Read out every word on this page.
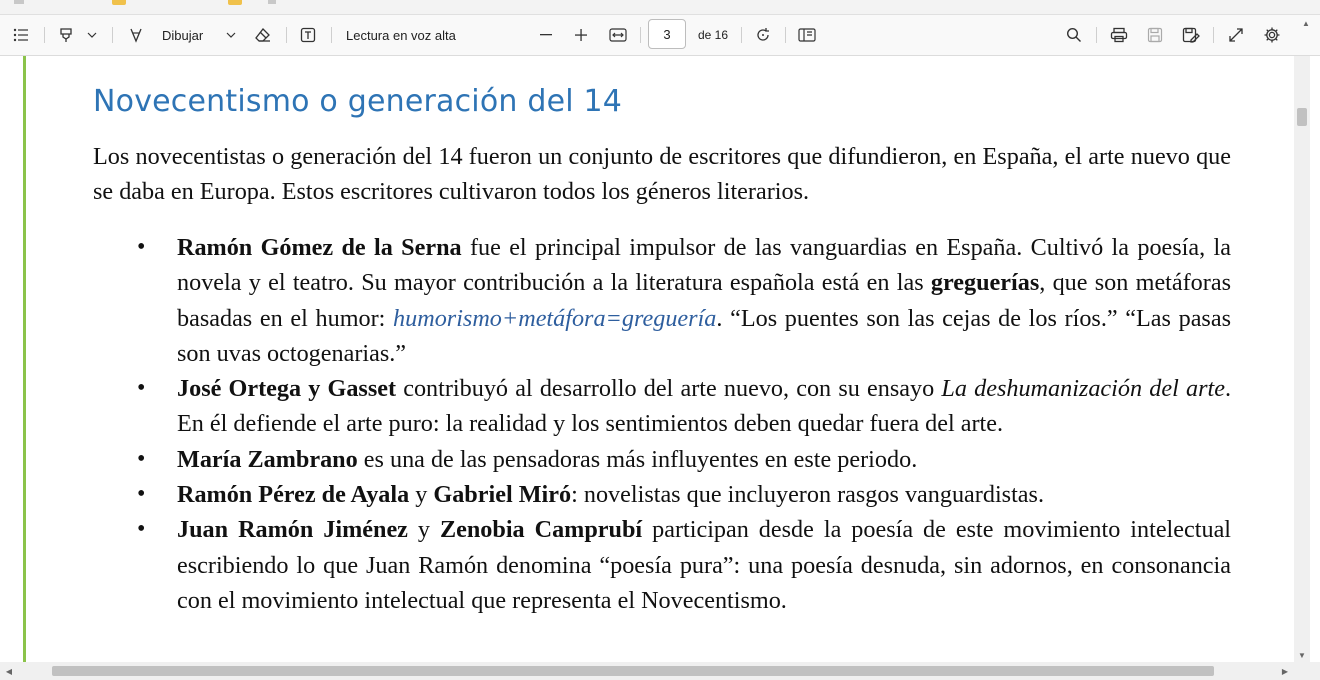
Dibujar	Lectura en voz alta	3	de 16
▲
Novecentismo o generación del 14

Los novecentistas o generación del 14 fueron un conjunto de escritores que difundieron, en España, el arte nuevo que se daba en Europa. Estos escritores cultivaron todos los géneros literarios.

• Ramón Gómez de la Serna fue el principal impulsor de las vanguardias en España. Cultivó la poesía, la novela y el teatro. Su mayor contribución a la literatura española está en las greguerías, que son metáforas basadas en el humor: humorismo+metáfora=greguería. “Los puentes son las cejas de los ríos.” “Las pasas son uvas octogenarias.”
• José Ortega y Gasset contribuyó al desarrollo del arte nuevo, con su ensayo La deshumanización del arte. En él defiende el arte puro: la realidad y los sentimientos deben quedar fuera del arte.
• María Zambrano es una de las pensadoras más influyentes en este periodo.
• Ramón Pérez de Ayala y Gabriel Miró: novelistas que incluyeron rasgos vanguardistas.
• Juan Ramón Jiménez y Zenobia Camprubí participan desde la poesía de este movimiento intelectual escribiendo lo que Juan Ramón denomina “poesía pura”: una poesía desnuda, sin adornos, en consonancia con el movimiento intelectual que representa el Novecentismo.
▼
◀	▶
